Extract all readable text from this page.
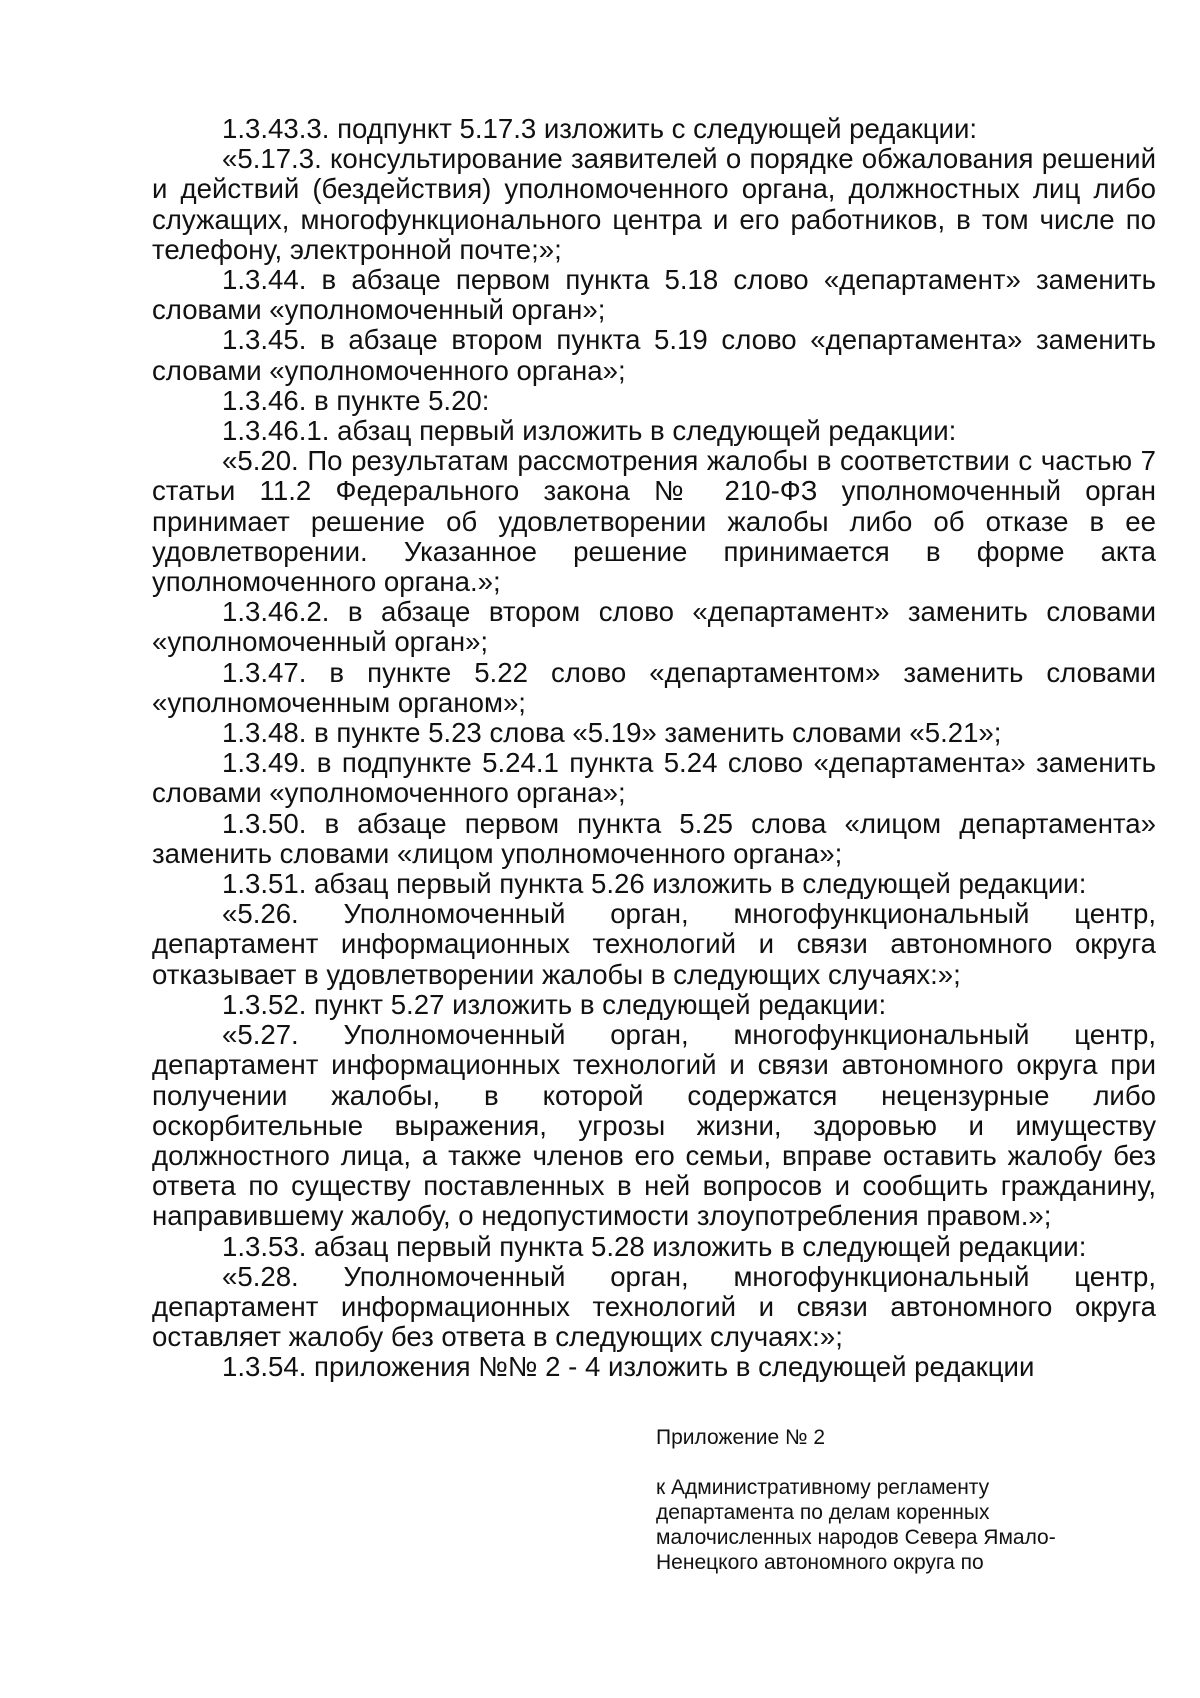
1.3.43.3. подпункт 5.17.3 изложить с следующей редакции:

«5.17.3. консультирование заявителей о порядке обжалования решений и действий (бездействия) уполномоченного органа, должностных лиц либо служащих, многофункционального центра и его работников, в том числе по телефону, электронной почте;»;

1.3.44. в абзаце первом пункта 5.18 слово «департамент» заменить словами «уполномоченный орган»;

1.3.45. в абзаце втором пункта 5.19 слово «департамента» заменить словами «уполномоченного органа»;

1.3.46. в пункте 5.20:

1.3.46.1. абзац первый изложить в следующей редакции:

«5.20. По результатам рассмотрения жалобы в соответствии с частью 7 статьи 11.2 Федерального закона № 210-ФЗ уполномоченный орган принимает решение об удовлетворении жалобы либо об отказе в ее удовлетворении. Указанное решение принимается в форме акта уполномоченного органа.»;

1.3.46.2. в абзаце втором слово «департамент» заменить словами «уполномоченный орган»;

1.3.47. в пункте 5.22 слово «департаментом» заменить словами «уполномоченным органом»;

1.3.48. в пункте 5.23 слова «5.19» заменить словами «5.21»;

1.3.49. в подпункте 5.24.1 пункта 5.24 слово «департамента» заменить словами «уполномоченного органа»;

1.3.50. в абзаце первом пункта 5.25 слова «лицом департамента» заменить словами «лицом уполномоченного органа»;

1.3.51. абзац первый пункта 5.26 изложить в следующей редакции:

«5.26. Уполномоченный орган, многофункциональный центр, департамент информационных технологий и связи автономного округа отказывает в удовлетворении жалобы в следующих случаях:»;

1.3.52. пункт 5.27 изложить в следующей редакции:

«5.27. Уполномоченный орган, многофункциональный центр, департамент информационных технологий и связи автономного округа при получении жалобы, в которой содержатся нецензурные либо оскорбительные выражения, угрозы жизни, здоровью и имуществу должностного лица, а также членов его семьи, вправе оставить жалобу без ответа по существу поставленных в ней вопросов и сообщить гражданину, направившему жалобу, о недопустимости злоупотребления правом.»;

1.3.53. абзац первый пункта 5.28 изложить в следующей редакции:

«5.28. Уполномоченный орган, многофункциональный центр, департамент информационных технологий и связи автономного округа оставляет жалобу без ответа в следующих случаях:»;

1.3.54. приложения №№ 2 - 4 изложить в следующей редакции

Приложение № 2

к Административному регламенту

департамента по делам коренных

малочисленных народов Севера Ямало-

Ненецкого автономного округа по
